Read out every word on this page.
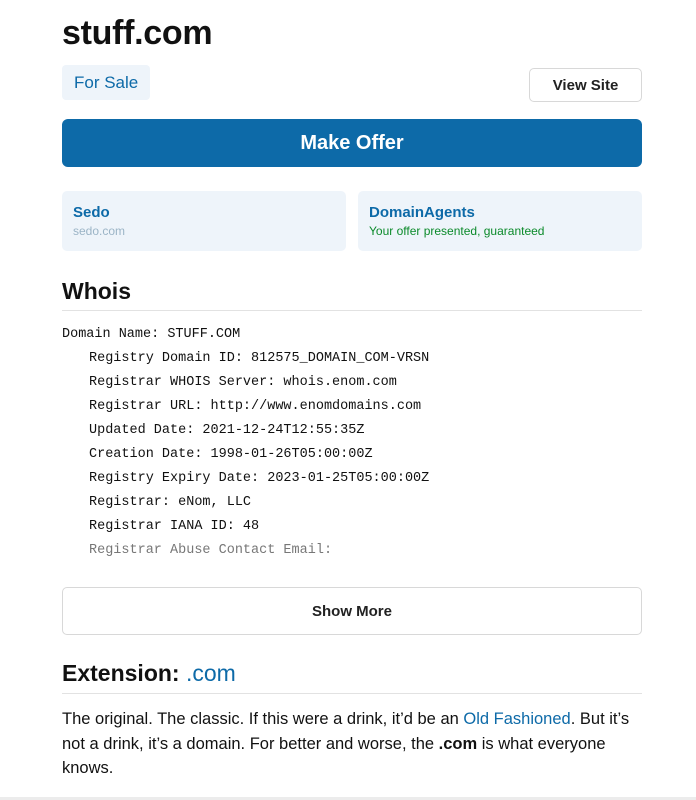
stuff.com
For Sale	View Site
Make Offer
Sedo
sedo.com
DomainAgents
Your offer presented, guaranteed
Whois
Domain Name: STUFF.COM
Registry Domain ID: 812575_DOMAIN_COM-VRSN
Registrar WHOIS Server: whois.enom.com
Registrar URL: http://www.enomdomains.com
Updated Date: 2021-12-24T12:55:35Z
Creation Date: 1998-01-26T05:00:00Z
Registry Expiry Date: 2023-01-25T05:00:00Z
Registrar: eNom, LLC
Registrar IANA ID: 48
Registrar Abuse Contact Email:
Show More
Extension: .com
The original. The classic. If this were a drink, it’d be an Old Fashioned. But it’s not a drink, it’s a domain. For better and worse, the .com is what everyone knows.
